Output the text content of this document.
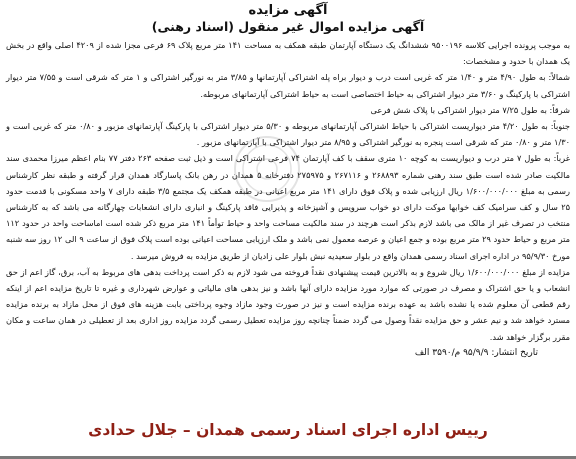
آگهی مزایده
آگهی مزایده اموال غیر منقول (اسناد رهنی)

به موجب پرونده اجرایی کلاسه ۹۵۰۰۱۹۶ ششدانگ یک دستگاه آپارتمان طبقه همکف به مساحت ۱۴۱ متر مربع پلاک ۶۹ فرعی مجزا شده از ۴۲۰۹ اصلی واقع در بخش یک همدان با حدود و مشخصات:

شمالاً: به طول ۴/۹۰ متر و ۱/۴۰ متر که غربی است درب و دیوار براه پله اشتراکی آپارتمانها و ۳/۸۵ متر به نورگیر اشتراکی و ۱ متر که شرقی است و ۷/۵۵ متر دیوار اشتراکی با پارکینگ و ۳/۶۰ متر دیوار اشتراکی به حیاط اختصاصی است به حیاط اشتراکی آپارتمانهای مربوطه.

شرقاً: به طول ۷/۲۵ متر دیوار اشتراکی با پلاک شش فرعی

جنوباً: به طول ۴/۲۰ متر دیواریست اشتراکی با حیاط اشتراکی آپارتمانهای مربوطه و ۵/۳۰ متر دیوار اشتراکی با پارکینگ آپارتمانهای مزبور و ۰/۸۰ متر که غربی است و ۱/۳۰ متر و ۰/۸۰ متر که شرقی است پنجره به نورگیر اشتراکی و ۸/۹۵ متر دیوار اشتراکی با آپارتمانهای مزبور .

غرباً: به طول ۷ متر درب و دیواریست به کوچه ۱۰ متری سقف با کف آپارتمان ۷۴ فرعی اشتراکی است و ذیل ثبت صفحه ۲۶۳ دفتر ۷۷ بنام اعظم میرزا محمدی سند مالکیت صادر شده است طبق سند رهنی شماره ۲۶۸۸۹۳ و ۲۶۷۱۱۶ و ۲۷۵۹۷۵ دفترخانه ۵ همدان در رهن بانک پاسارگاد همدان قرار گرفته و طبقه نظر کارشناس رسمی به مبلغ ۱/۶۰۰/۰۰۰/۰۰۰ ریال ارزیابی شده و پلاک فوق دارای ۱۴۱ متر مربع اعیانی در طبقه همکف یک مجتمع ۳/۵ طبقه دارای ۷ واحد مسکونی با قدمت حدود ۲۵ سال و کف سرامیک کف خوابها موکت دارای دو خواب سرویس و آشپزخانه و پذیرایی فاقد پارکینگ و انباری دارای انشعابات چهارگانه می باشد که به کارشناس منتخب در تصرف غیر از مالک می باشد لازم بذکر است هرچند در سند مالکیت مساحت واحد و حیاط توأماً ۱۴۱ متر مربع ذکر شده است اماساحت واحد در حدود ۱۱۲ متر مربع و حیاط حدود ۲۹ متر مربع بوده و جمع اعیان و عرصه معمول نمی باشد و ملک ارزیابی مساحت اعیانی بوده است پلاک فوق از ساعت ۹ الی ۱۲ روز سه شنبه مورخ ۹۵/۹/۳۰ در اداره اجرای اسناد رسمی همدان واقع در بلوار سعیدیه نبش بلوار علی زادیان از طریق مزایده به فروش میرسد .

مزایده از مبلغ ۱/۶۰۰/۰۰۰/۰۰۰ ریال شروع و به بالاترین قیمت پیشنهادی نقداً فروخته می شود لازم به ذکر است پرداخت بدهی های مربوط به آب، برق، گاز اعم از حق انشعاب و یا حق اشتراک و مصرف در صورتی که موارد مورد مزایده دارای آنها باشد و نیز بدهی های مالیاتی و عوارض شهرداری و غیره تا تاریخ مزایده اعم از اینکه رقم قطعی آن معلوم شده یا نشده باشد به عهده برنده مزایده است و نیز در صورت وجود مازاد وجوه پرداختی بابت هزینه های فوق از محل مازاد به برنده مزایده مسترد خواهد شد و نیم عشر و حق مزایده نقداً وصول می گردد ضمناً چنانچه روز مزایده تعطیل رسمی گردد مزایده روز اداری بعد از تعطیلی در همان ساعت و مکان مقرر برگزار خواهد شد.

تاریخ انتشار: ۹۵/۹/۹ م/۳۵۹۰ الف
رییس اداره اجرای اسناد رسمی همدان – جلال حدادی
